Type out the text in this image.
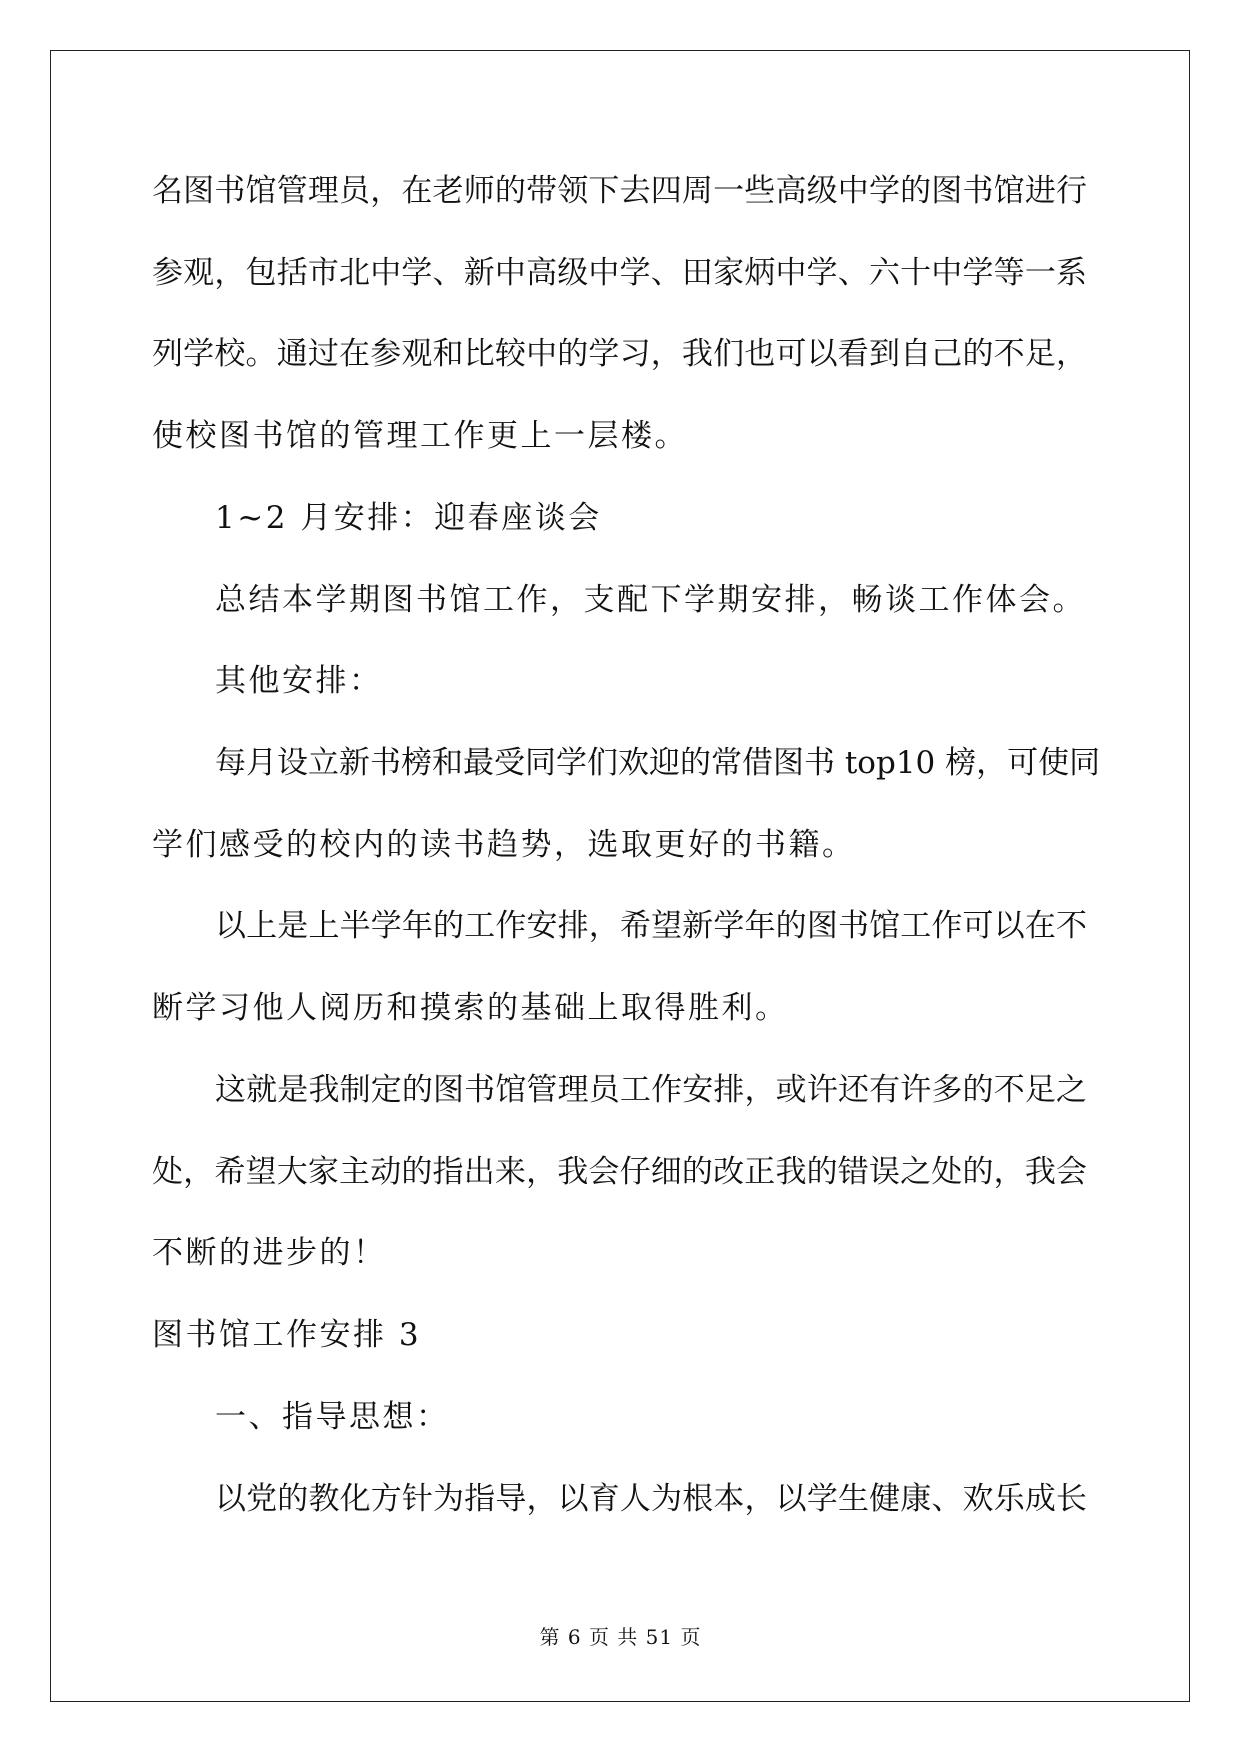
名图书馆管理员，在老师的带领下去四周一些高级中学的图书馆进行

参观，包括市北中学、新中高级中学、田家炳中学、六十中学等一系

列学校。通过在参观和比较中的学习，我们也可以看到自己的不足，

使校图书馆的管理工作更上一层楼。

1~2 月安排：迎春座谈会

总结本学期图书馆工作，支配下学期安排，畅谈工作体会。

其他安排：

每月设立新书榜和最受同学们欢迎的常借图书 top10 榜，可使同

学们感受的校内的读书趋势，选取更好的书籍。

以上是上半学年的工作安排，希望新学年的图书馆工作可以在不

断学习他人阅历和摸索的基础上取得胜利。

这就是我制定的图书馆管理员工作安排，或许还有许多的不足之

处，希望大家主动的指出来，我会仔细的改正我的错误之处的，我会

不断的进步的！

图书馆工作安排 3

一、指导思想：

以党的教化方针为指导，以育人为根本，以学生健康、欢乐成长

第 6 页 共 51 页
